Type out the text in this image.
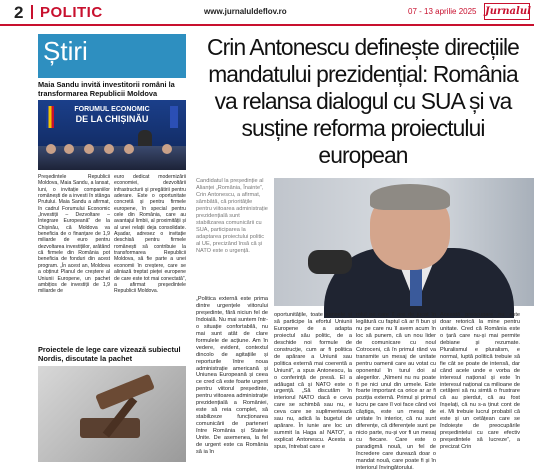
2 POLITIC	www.jurnaluldeflov.ro	07 - 13 aprilie 2025 Jurnalul
Știri
Maia Sandu invită investitorii români la transformarea Republicii Moldova
FORUMUL ECONOMIC
DE LA CHIȘINĂU
Președintele Republicii Moldova, Maia Sandu, a lansat, luni, o invitație companiilor românești de a investi în stânga Prutului. Maia Sandu a afirmat, în cadrul Forumului Economic „Investiții – Dezvoltare – Integrare Europeană” de la Chișinău, că Moldova va beneficia de o finanțare de 1,9 miliarde de euro pentru dezvoltarea investițiilor, arătând că firmele din România pot beneficia de fonduri din acest program. „În acest an, Moldova a obținut Planul de creștere al Uniunii Europene, un pachet ambițios de investiții de 1,9 miliarde de
euro dedicat modernizării economiei, dezvoltării infrastructurii și pregătirii pentru aderare. Este o oportunitate concretă și pentru firmele europene, în special pentru cele din România, care au avantajul limbii, al proximității și al unei relații deja consolidate. Așadar, adresez o invitație deschisă pentru firmele românești să contribuie la transformarea Republicii Moldova, să fie parte a unei economii în creștere, care se aliniază treptat pieței europene de care este tot mai conectată”, a afirmat președintele Republicii Moldova.
Proiectele de lege care vizează subiectul Nordis, discutate la pachet
Crin Antonescu definește direcțiile mandatului prezidențial: România va relansa dialogul cu SUA și va susține reforma proiectului european
Candidatul la președinție al Alianței „România, Înainte”, Crin Antonescu, a afirmat, sâmbătă, că prioritățile pentru viitoarea administrație prezidențială sunt stabilizarea comunicării cu SUA, participarea la adaptarea proiectului politic al UE, precizând însă că și NATO este o urgență.
„Politica externă este prima dintre urgențele viitorului președinte, fără niciun fel de îndoială. Nu mai suntem într-o situație confortabilă, nu mai sunt atât de clare formulele de acțiune. Am în vedere, evident, contextul dincolo de agitațiile și reporturile între noua administrație americană și Uniunea Europeană și ceea ce cred că este foarte urgent pentru viitorul președinte, pentru viitoarea administrație prezidențială a României, este să reia complet, să stabilizeze funcționarea comunicării de parteneri între România și Statele Unite. De asemenea, la fel de urgent este ca România să ia în
oportunitățile, toate șansele și să participe la efortul Uniunii Europene de a adapta proiectul său politic, de a deschide noi formule de construcție, cum ar fi politica de apărare a Uniunii sau politica externă mai coerentă a Uniunii”, a spus Antonescu, la o conferință de presă. El a adăugat că și NATO este o urgență. „Să discutăm în interiorul NATO dacă e ceva care se schimbă sau nu, e ceva care se suplimentează sau nu, adică la bugetul de apărare. În iunie are loc un summit la Haga al NATO”, a explicat Antonescu. Acesta a spus, întrebat care e
rolul pe care îl are de jucat în legătură cu faptul că ar fi bun și nu pe care nu îl avem acum în loc să punem, că un nou lider de comunicare cu noul Cotroceni, că în primul rând va transmite un mesaj de unitate pentru oamenii care au votat cu oponentul în turul doi al alegerilor. „Nimeni nu nu poate fi pe nici unul din urmele. Este foarte important ca orice ar ar fi poziția externă. Primul și primul lucru pe care îl voi face când voi câștiga, este un mesaj de unitate în interior, că nu sunt diferențe, că diferențele sunt pe nicio parte, nu-și vor fi un mesaj cu fiecare. Care este o paradigmă nouă, un fel de încredere care durează doar o mandat nouă, care poate fi și în interiorul învingătorului.
Această preocupare nu este doar retorică la mine pentru unitate. Cred că România este o țară care nu-și mai permite debiane și rezumate. Pluralismul e pluralism, e normal, luptă politică trebuie să fie cât se poate de intensă, dar când acele unde e vorba de interesul național și este în interesul național ca milioane de cetățeni să nu simtă o frustrare că au pierdut, că au fost înșelați, că nu s-a ținut cont de ei. Mi trebuie lucrul probabil că este și un cetățean care se îndoiește de preocupările președintelui cu care efectiv președintele să lucreze”, a precizat Crin
